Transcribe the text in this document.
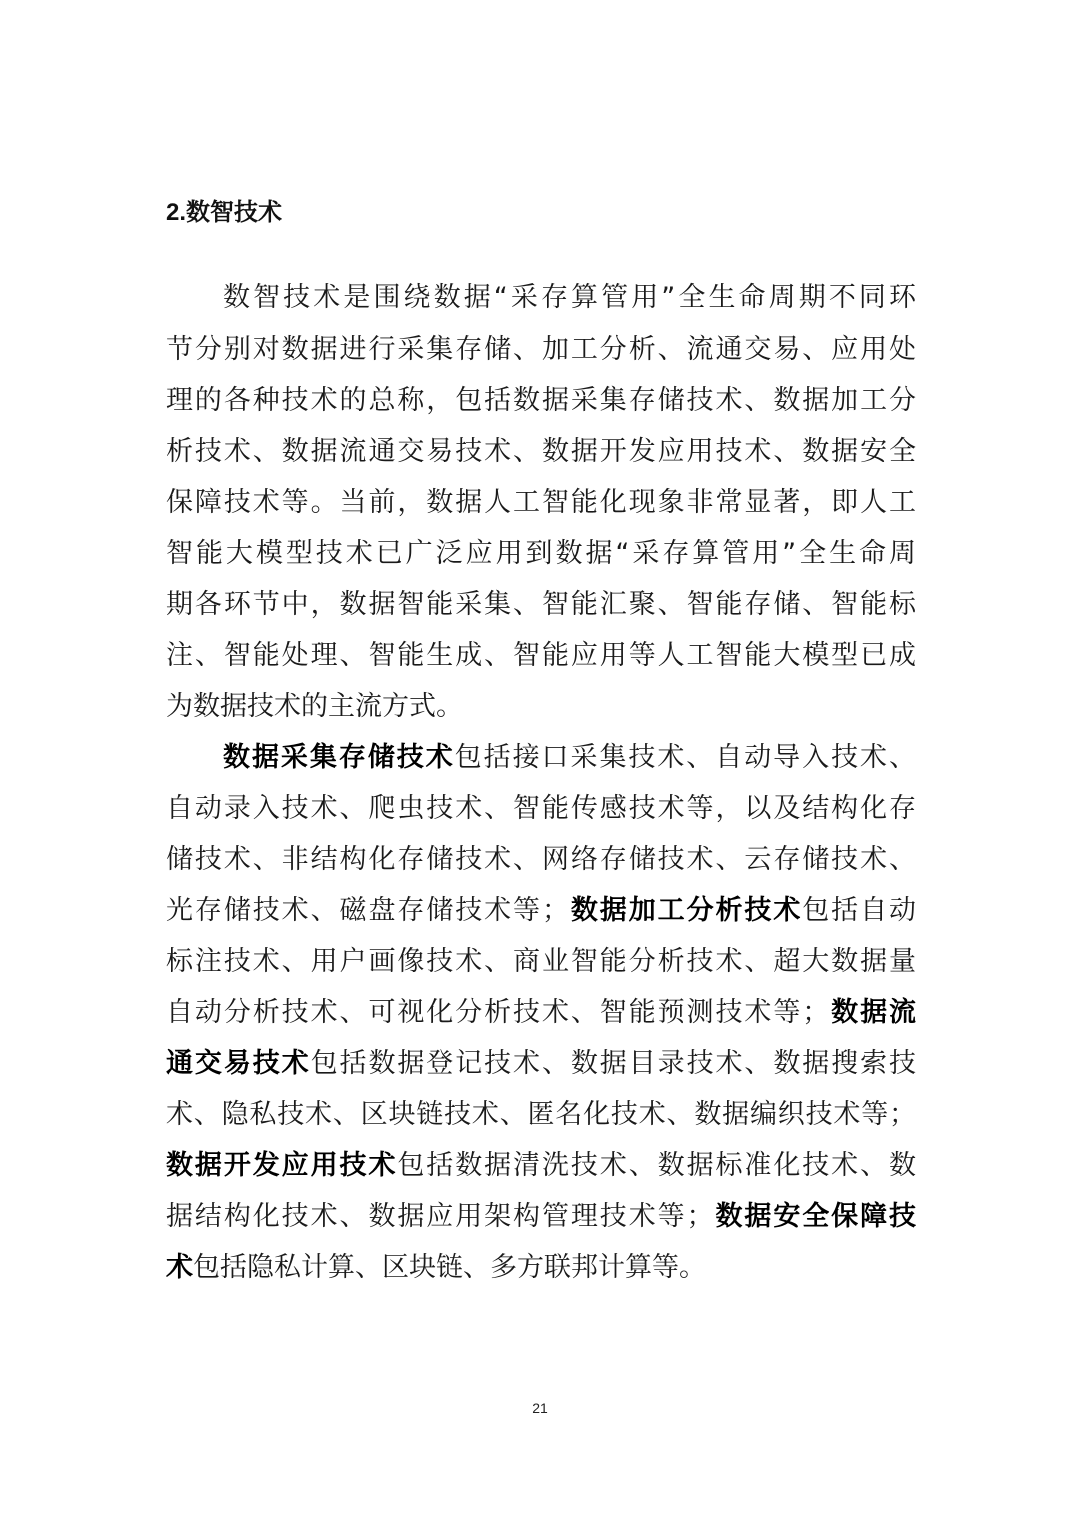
2.数智技术
数智技术是围绕数据“采存算管用”全生命周期不同环
节分别对数据进行采集存储、加工分析、流通交易、应用处
理的各种技术的总称，包括数据采集存储技术、数据加工分
析技术、数据流通交易技术、数据开发应用技术、数据安全
保障技术等。当前，数据人工智能化现象非常显著，即人工
智能大模型技术已广泛应用到数据“采存算管用”全生命周
期各环节中，数据智能采集、智能汇聚、智能存储、智能标
注、智能处理、智能生成、智能应用等人工智能大模型已成
为数据技术的主流方式。
数据采集存储技术包括接口采集技术、自动导入技术、
自动录入技术、爬虫技术、智能传感技术等，以及结构化存
储技术、非结构化存储技术、网络存储技术、云存储技术、
光存储技术、磁盘存储技术等；数据加工分析技术包括自动
标注技术、用户画像技术、商业智能分析技术、超大数据量
自动分析技术、可视化分析技术、智能预测技术等；数据流
通交易技术包括数据登记技术、数据目录技术、数据搜索技
术、隐私技术、区块链技术、匿名化技术、数据编织技术等；
数据开发应用技术包括数据清洗技术、数据标准化技术、数
据结构化技术、数据应用架构管理技术等；数据安全保障技
术包括隐私计算、区块链、多方联邦计算等。
21
